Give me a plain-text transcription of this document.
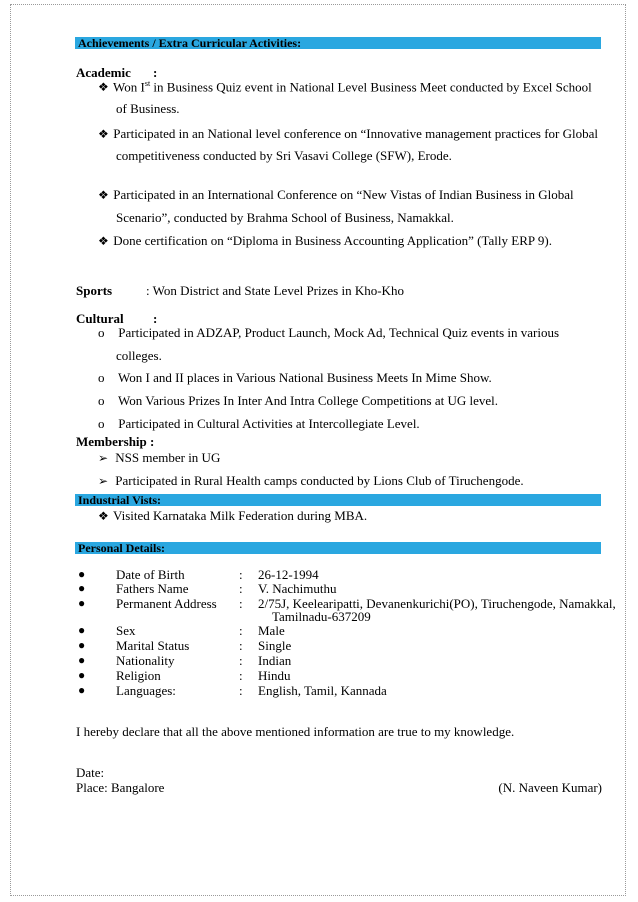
Achievements / Extra Curricular Activities:
Academic :
❖ Won Ist in Business Quiz event in National Level Business Meet conducted by Excel School
of Business.
❖ Participated in an National level conference on “Innovative management practices for Global
competitiveness conducted by Sri Vasavi College (SFW), Erode.
❖ Participated in an International Conference on “New Vistas of Indian Business in Global
Scenario”, conducted by Brahma School of Business, Namakkal.
❖ Done certification on “Diploma in Business Accounting Application” (Tally ERP 9).
Sports	: Won District and State Level Prizes in Kho-Kho
Cultural :
o Participated in ADZAP, Product Launch, Mock Ad, Technical Quiz events in various
colleges.
o Won I and II places in Various National Business Meets In Mime Show.
o Won Various Prizes In Inter And Intra College Competitions at UG level.
o Participated in Cultural Activities at Intercollegiate Level.
Membership :
➢ NSS member in UG
➢ Participated in Rural Health camps conducted by Lions Club of Tiruchengode.
Industrial Vists:
❖ Visited Karnataka Milk Federation during MBA.
Personal Details:
● Date of Birth	: 26-12-1994
● Fathers Name	: V. Nachimuthu
● Permanent Address : 2/75J, Keelearipatti, Devanenkurichi(PO), Tiruchengode, Namakkal,
Tamilnadu-637209
● Sex	: Male
● Marital Status	: Single
● Nationality	: Indian
● Religion	: Hindu
● Languages:	: English, Tamil, Kannada
I hereby declare that all the above mentioned information are true to my knowledge.
Date:
Place: Bangalore	(N. Naveen Kumar)
